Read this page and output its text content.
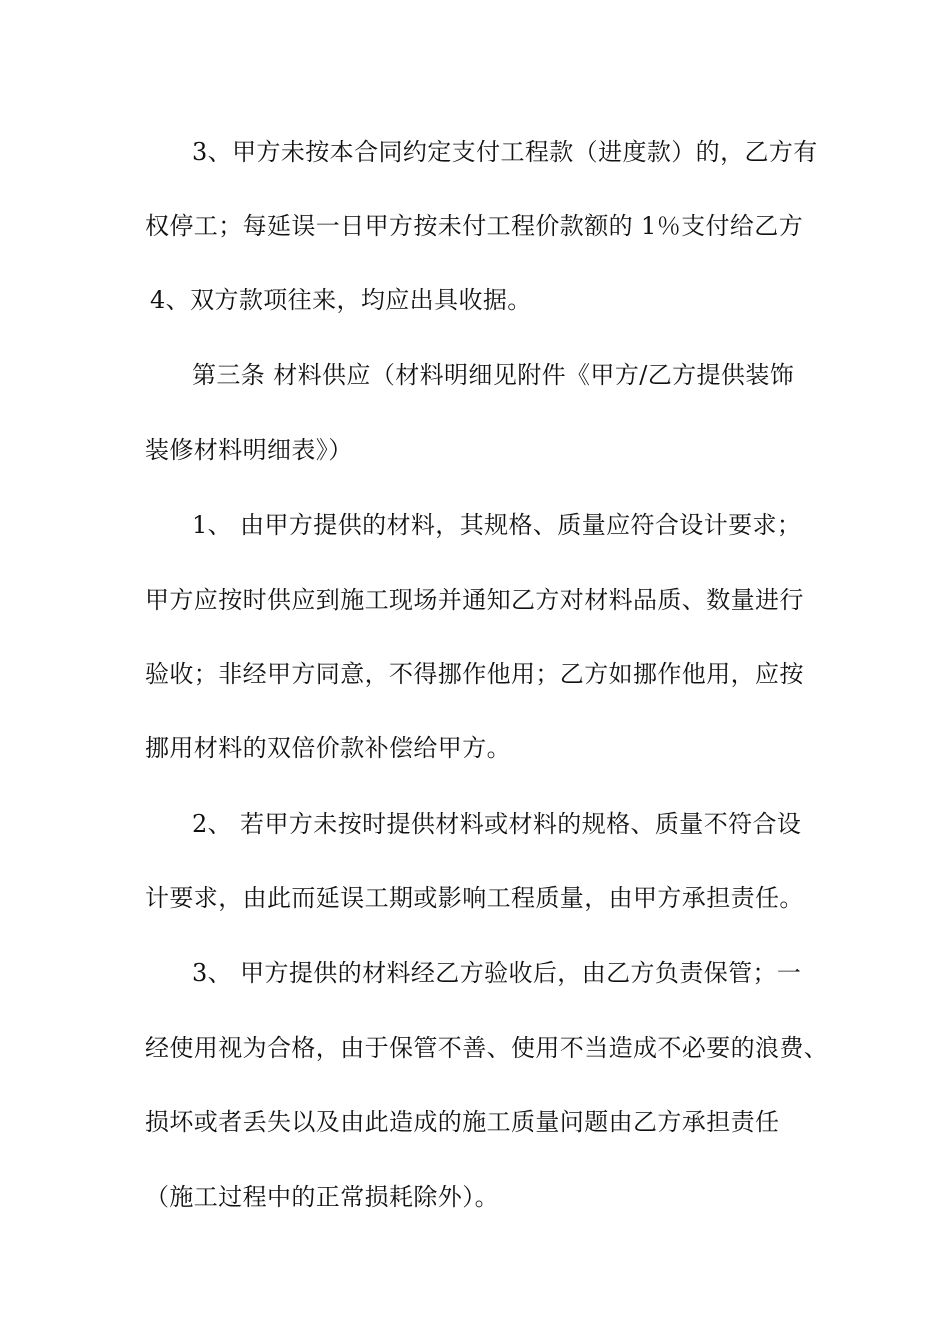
3、甲方未按本合同约定支付工程款（进度款）的，乙方有
权停工；每延误一日甲方按未付工程价款额的 1％支付给乙方
4、双方款项往来，均应出具收据。
第三条 材料供应（材料明细见附件《甲方/乙方提供装饰
装修材料明细表》）
1、 由甲方提供的材料，其规格、质量应符合设计要求；
甲方应按时供应到施工现场并通知乙方对材料品质、数量进行
验收；非经甲方同意，不得挪作他用；乙方如挪作他用，应按
挪用材料的双倍价款补偿给甲方。
2、 若甲方未按时提供材料或材料的规格、质量不符合设
计要求，由此而延误工期或影响工程质量，由甲方承担责任。
3、 甲方提供的材料经乙方验收后，由乙方负责保管；一
经使用视为合格，由于保管不善、使用不当造成不必要的浪费、
损坏或者丢失以及由此造成的施工质量问题由乙方承担责任
（施工过程中的正常损耗除外）。
